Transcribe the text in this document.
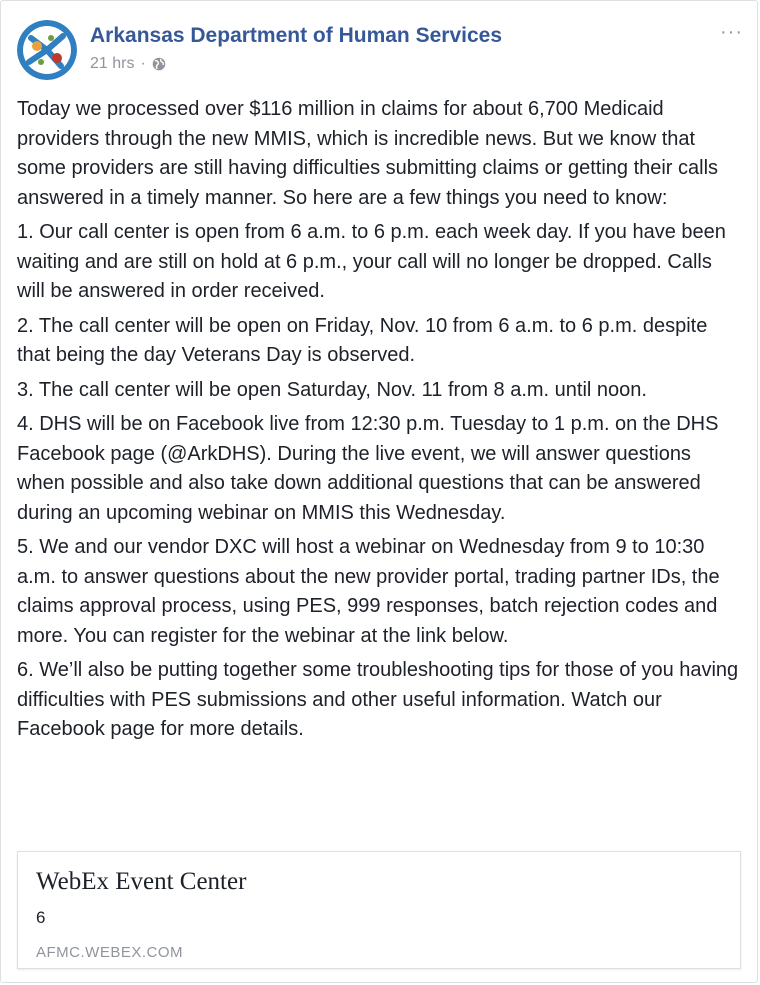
Arkansas Department of Human Services
21 hrs ·
···

Today we processed over $116 million in claims for about 6,700 Medicaid providers through the new MMIS, which is incredible news. But we know that some providers are still having difficulties submitting claims or getting their calls answered in a timely manner. So here are a few things you need to know:

1. Our call center is open from 6 a.m. to 6 p.m. each week day. If you have been waiting and are still on hold at 6 p.m., your call will no longer be dropped. Calls will be answered in order received.

2. The call center will be open on Friday, Nov. 10 from 6 a.m. to 6 p.m. despite that being the day Veterans Day is observed.

3. The call center will be open Saturday, Nov. 11 from 8 a.m. until noon.

4. DHS will be on Facebook live from 12:30 p.m. Tuesday to 1 p.m. on the DHS Facebook page (@ArkDHS). During the live event, we will answer questions when possible and also take down additional questions that can be answered during an upcoming webinar on MMIS this Wednesday.

5. We and our vendor DXC will host a webinar on Wednesday from 9 to 10:30 a.m. to answer questions about the new provider portal, trading partner IDs, the claims approval process, using PES, 999 responses, batch rejection codes and more. You can register for the webinar at the link below.

6. We’ll also be putting together some troubleshooting tips for those of you having difficulties with PES submissions and other useful information. Watch our Facebook page for more details.

WebEx Event Center
6
AFMC.WEBEX.COM
